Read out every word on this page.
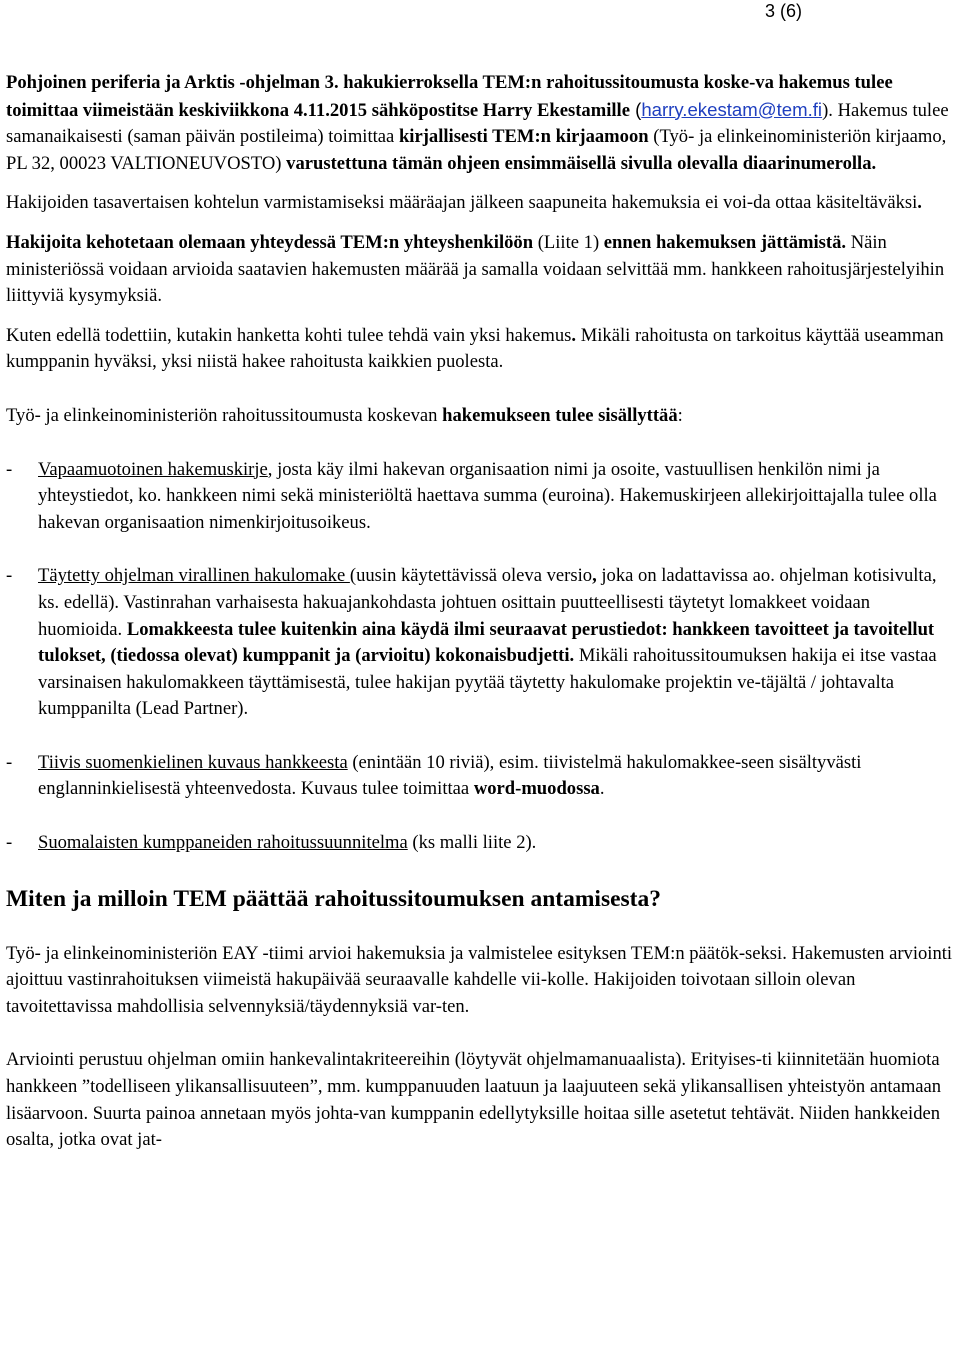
3 (6)

Pohjoinen periferia ja Arktis -ohjelman 3. hakukierroksella TEM:n rahoitussitoumusta koske-va hakemus tulee toimittaa viimeistään keskiviikkona 4.11.2015 sähköpostitse Harry Ekestamille (harry.ekestam@tem.fi). Hakemus tulee samanaikaisesti (saman päivän postileima) toimittaa kirjallisesti TEM:n kirjaamoon (Työ- ja elinkeinoministeriön kirjaamo, PL 32, 00023 VALTIONEUVOSTO) varustettuna tämän ohjeen ensimmäisellä sivulla olevalla diaarinumerolla.

Hakijoiden tasavertaisen kohtelun varmistamiseksi määräajan jälkeen saapuneita hakemuksia ei voi-da ottaa käsiteltäväksi.

Hakijoita kehotetaan olemaan yhteydessä TEM:n yhteyshenkilöön (Liite 1) ennen hakemuksen jättämistä. Näin ministeriössä voidaan arvioida saatavien hakemusten määrää ja samalla voidaan selvittää mm. hankkeen rahoitusjärjestelyihin liittyviä kysymyksiä.

Kuten edellä todettiin, kutakin hanketta kohti tulee tehdä vain yksi hakemus. Mikäli rahoitusta on tarkoitus käyttää useamman kumppanin hyväksi, yksi niistä hakee rahoitusta kaikkien puolesta.

Työ- ja elinkeinoministeriön rahoitussitoumusta koskevan hakemukseen tulee sisällyttää:

- Vapaamuotoinen hakemuskirje, josta käy ilmi hakevan organisaation nimi ja osoite, vastuullisen henkilön nimi ja yhteystiedot, ko. hankkeen nimi sekä ministeriöltä haettava summa (euroina). Hakemuskirjeen allekirjoittajalla tulee olla hakevan organisaation nimenkirjoitusoikeus.
- Täytetty ohjelman virallinen hakulomake (uusin käytettävissä oleva versio, joka on ladattavissa ao. ohjelman kotisivulta, ks. edellä). Vastinrahan varhaisesta hakuajankohdasta johtuen osittain puutteellisesti täytetyt lomakkeet voidaan huomioida. Lomakkeesta tulee kuitenkin aina käydä ilmi seuraavat perustiedot: hankkeen tavoitteet ja tavoitellut tulokset, (tiedossa olevat) kumppanit ja (arvioitu) kokonaisbudjetti. Mikäli rahoitussitoumuksen hakija ei itse vastaa varsinaisen hakulomakkeen täyttämisestä, tulee hakijan pyytää täytetty hakulomake projektin ve-täjältä / johtavalta kumppanilta (Lead Partner).
- Tiivis suomenkielinen kuvaus hankkeesta (enintään 10 riviä), esim. tiivistelmä hakulomakkee-seen sisältyvästi englanninkielisestä yhteenvedosta. Kuvaus tulee toimittaa word-muodossa.
- Suomalaisten kumppaneiden rahoitussuunnitelma (ks malli liite 2).
Miten ja milloin TEM päättää rahoitussitoumuksen antamisesta?

Työ- ja elinkeinoministeriön EAY -tiimi arvioi hakemuksia ja valmistelee esityksen TEM:n päätök-seksi. Hakemusten arviointi ajoittuu vastinrahoituksen viimeistä hakupäivää seuraavalle kahdelle vii-kolle. Hakijoiden toivotaan silloin olevan tavoitettavissa mahdollisia selvennyksiä/täydennyksiä var-ten.

Arviointi perustuu ohjelman omiin hankevalintakriteereihin (löytyvät ohjelmamanuaalista). Erityises-ti kiinnitetään huomiota hankkeen ”todelliseen ylikansallisuuteen”, mm. kumppanuuden laatuun ja laajuuteen sekä ylikansallisen yhteistyön antamaan lisäarvoon. Suurta painoa annetaan myös johta-van kumppanin edellytyksille hoitaa sille asetetut tehtävät. Niiden hankkeiden osalta, jotka ovat jat-
